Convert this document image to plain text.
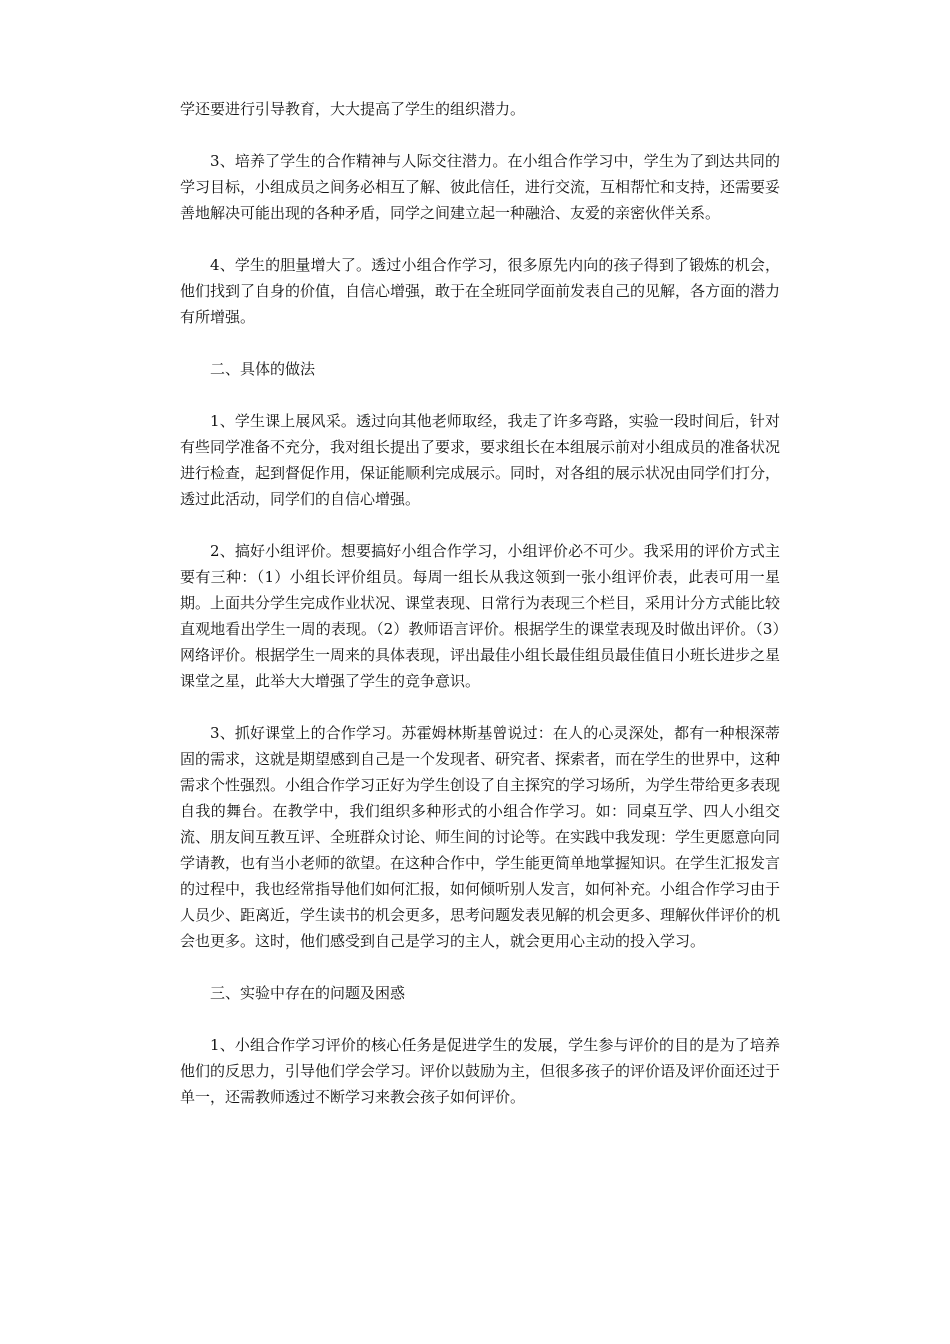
学还要进行引导教育，大大提高了学生的组织潜力。

3、培养了学生的合作精神与人际交往潜力。在小组合作学习中，学生为了到达共同的学习目标，小组成员之间务必相互了解、彼此信任，进行交流，互相帮忙和支持，还需要妥善地解决可能出现的各种矛盾，同学之间建立起一种融洽、友爱的亲密伙伴关系。

4、学生的胆量增大了。透过小组合作学习，很多原先内向的孩子得到了锻炼的机会，他们找到了自身的价值，自信心增强，敢于在全班同学面前发表自己的见解，各方面的潜力有所增强。

二、具体的做法

1、学生课上展风采。透过向其他老师取经，我走了许多弯路，实验一段时间后，针对有些同学准备不充分，我对组长提出了要求，要求组长在本组展示前对小组成员的准备状况进行检查，起到督促作用，保证能顺利完成展示。同时，对各组的展示状况由同学们打分，透过此活动，同学们的自信心增强。

2、搞好小组评价。想要搞好小组合作学习，小组评价必不可少。我采用的评价方式主要有三种：（1）小组长评价组员。每周一组长从我这领到一张小组评价表，此表可用一星期。上面共分学生完成作业状况、课堂表现、日常行为表现三个栏目，采用计分方式能比较直观地看出学生一周的表现。（2）教师语言评价。根据学生的课堂表现及时做出评价。（3）网络评价。根据学生一周来的具体表现，评出最佳小组长最佳组员最佳值日小班长进步之星课堂之星，此举大大增强了学生的竞争意识。

3、抓好课堂上的合作学习。苏霍姆林斯基曾说过：在人的心灵深处，都有一种根深蒂固的需求，这就是期望感到自己是一个发现者、研究者、探索者，而在学生的世界中，这种需求个性强烈。小组合作学习正好为学生创设了自主探究的学习场所，为学生带给更多表现自我的舞台。在教学中，我们组织多种形式的小组合作学习。如：同桌互学、四人小组交流、朋友间互教互评、全班群众讨论、师生间的讨论等。在实践中我发现：学生更愿意向同学请教，也有当小老师的欲望。在这种合作中，学生能更简单地掌握知识。在学生汇报发言的过程中，我也经常指导他们如何汇报，如何倾听别人发言，如何补充。小组合作学习由于人员少、距离近，学生读书的机会更多，思考问题发表见解的机会更多、理解伙伴评价的机会也更多。这时，他们感受到自己是学习的主人，就会更用心主动的投入学习。

三、实验中存在的问题及困惑

1、小组合作学习评价的核心任务是促进学生的发展，学生参与评价的目的是为了培养他们的反思力，引导他们学会学习。评价以鼓励为主，但很多孩子的评价语及评价面还过于单一，还需教师透过不断学习来教会孩子如何评价。
